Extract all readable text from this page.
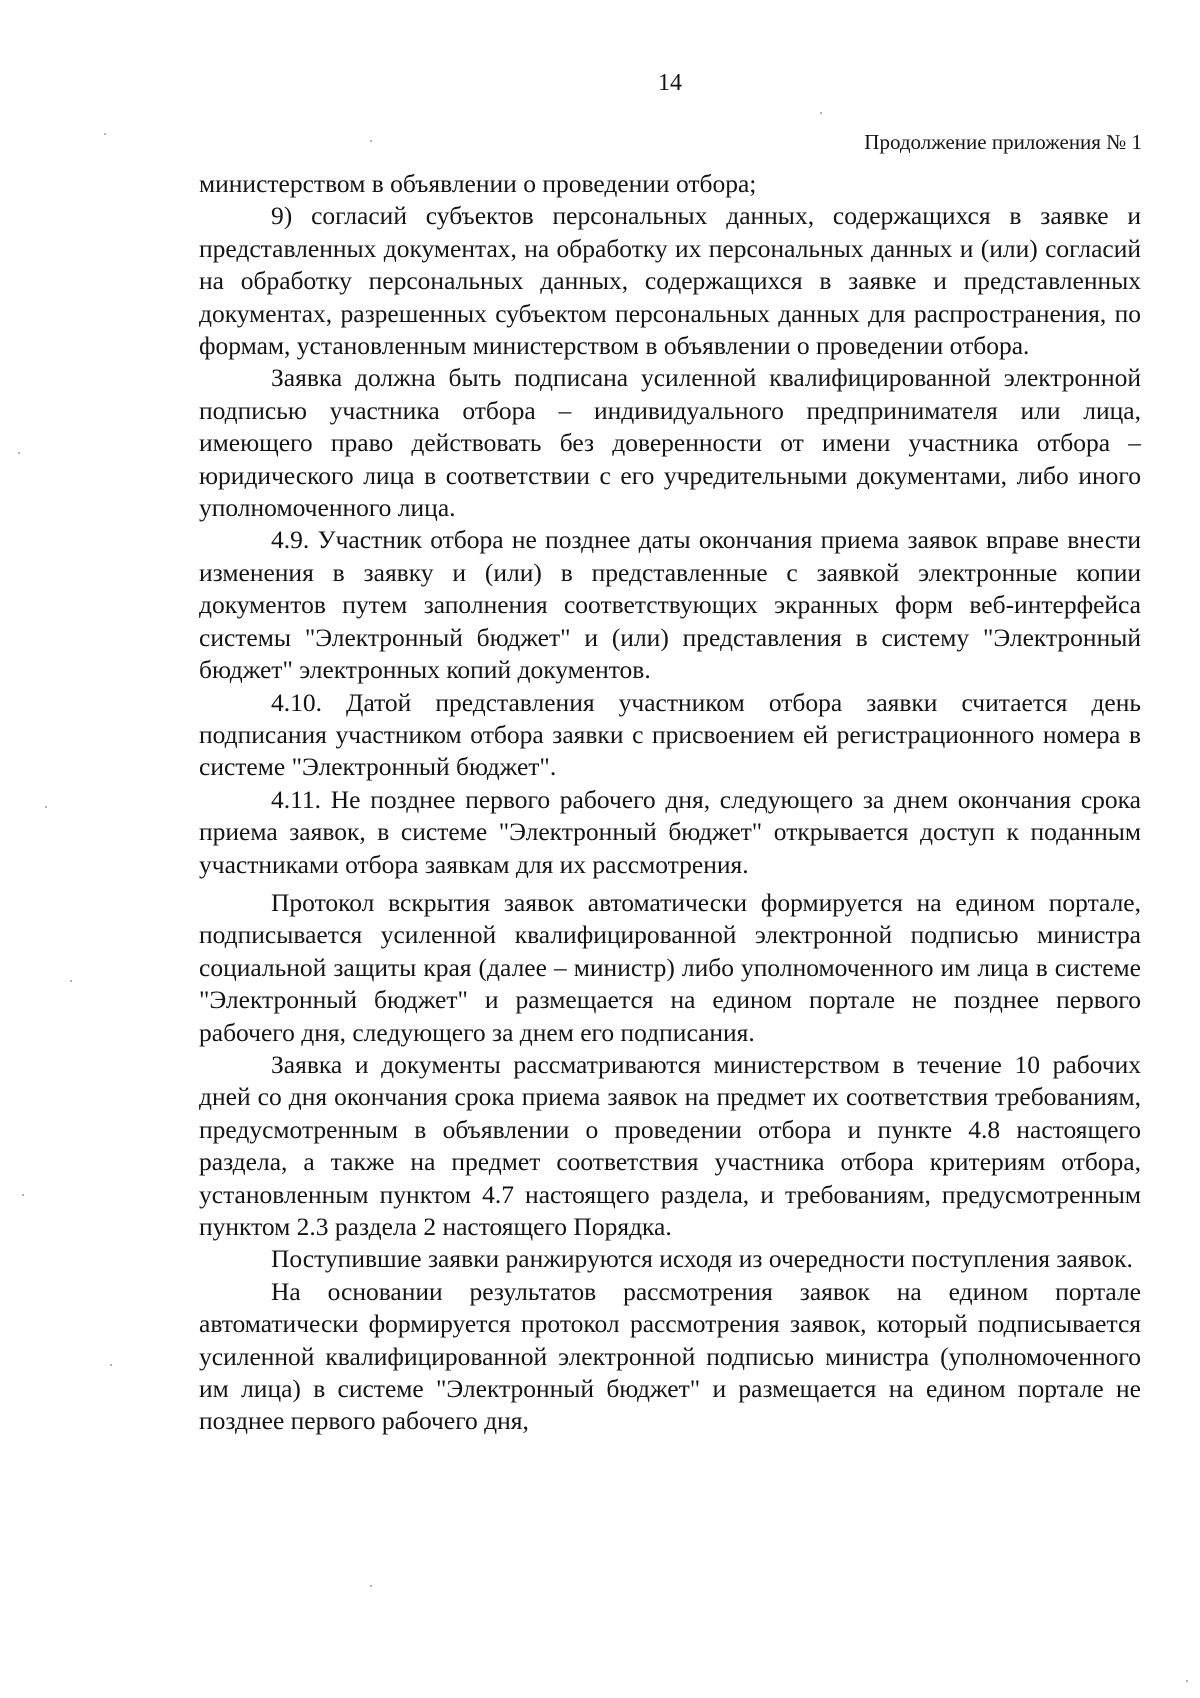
14
Продолжение приложения № 1

министерством в объявлении о проведении отбора;

9) согласий субъектов персональных данных, содержащихся в заявке и представленных документах, на обработку их персональных данных и (или) согласий на обработку персональных данных, содержащихся в заявке и представленных документах, разрешенных субъектом персональных данных для распространения, по формам, установленным министерством в объявлении о проведении отбора.

Заявка должна быть подписана усиленной квалифицированной электронной подписью участника отбора – индивидуального предпринимателя или лица, имеющего право действовать без доверенности от имени участника отбора – юридического лица в соответствии с его учредительными документами, либо иного уполномоченного лица.

4.9. Участник отбора не позднее даты окончания приема заявок вправе внести изменения в заявку и (или) в представленные с заявкой электронные копии документов путем заполнения соответствующих экранных форм веб-интерфейса системы "Электронный бюджет" и (или) представления в систему "Электронный бюджет" электронных копий документов.

4.10. Датой представления участником отбора заявки считается день подписания участником отбора заявки с присвоением ей регистрационного номера в системе "Электронный бюджет".

4.11. Не позднее первого рабочего дня, следующего за днем окончания срока приема заявок, в системе "Электронный бюджет" открывается доступ к поданным участниками отбора заявкам для их рассмотрения.

Протокол вскрытия заявок автоматически формируется на едином портале, подписывается усиленной квалифицированной электронной подписью министра социальной защиты края (далее – министр) либо уполномоченного им лица в системе "Электронный бюджет" и размещается на едином портале не позднее первого рабочего дня, следующего за днем его подписания.

Заявка и документы рассматриваются министерством в течение 10 рабочих дней со дня окончания срока приема заявок на предмет их соответствия требованиям, предусмотренным в объявлении о проведении отбора и пункте 4.8 настоящего раздела, а также на предмет соответствия участника отбора критериям отбора, установленным пунктом 4.7 настоящего раздела, и требованиям, предусмотренным пунктом 2.3 раздела 2 настоящего Порядка.

Поступившие заявки ранжируются исходя из очередности поступления заявок.

На основании результатов рассмотрения заявок на едином портале автоматически формируется протокол рассмотрения заявок, который подписывается усиленной квалифицированной электронной подписью министра (уполномоченного им лица) в системе "Электронный бюджет" и размещается на едином портале не позднее первого рабочего дня,
